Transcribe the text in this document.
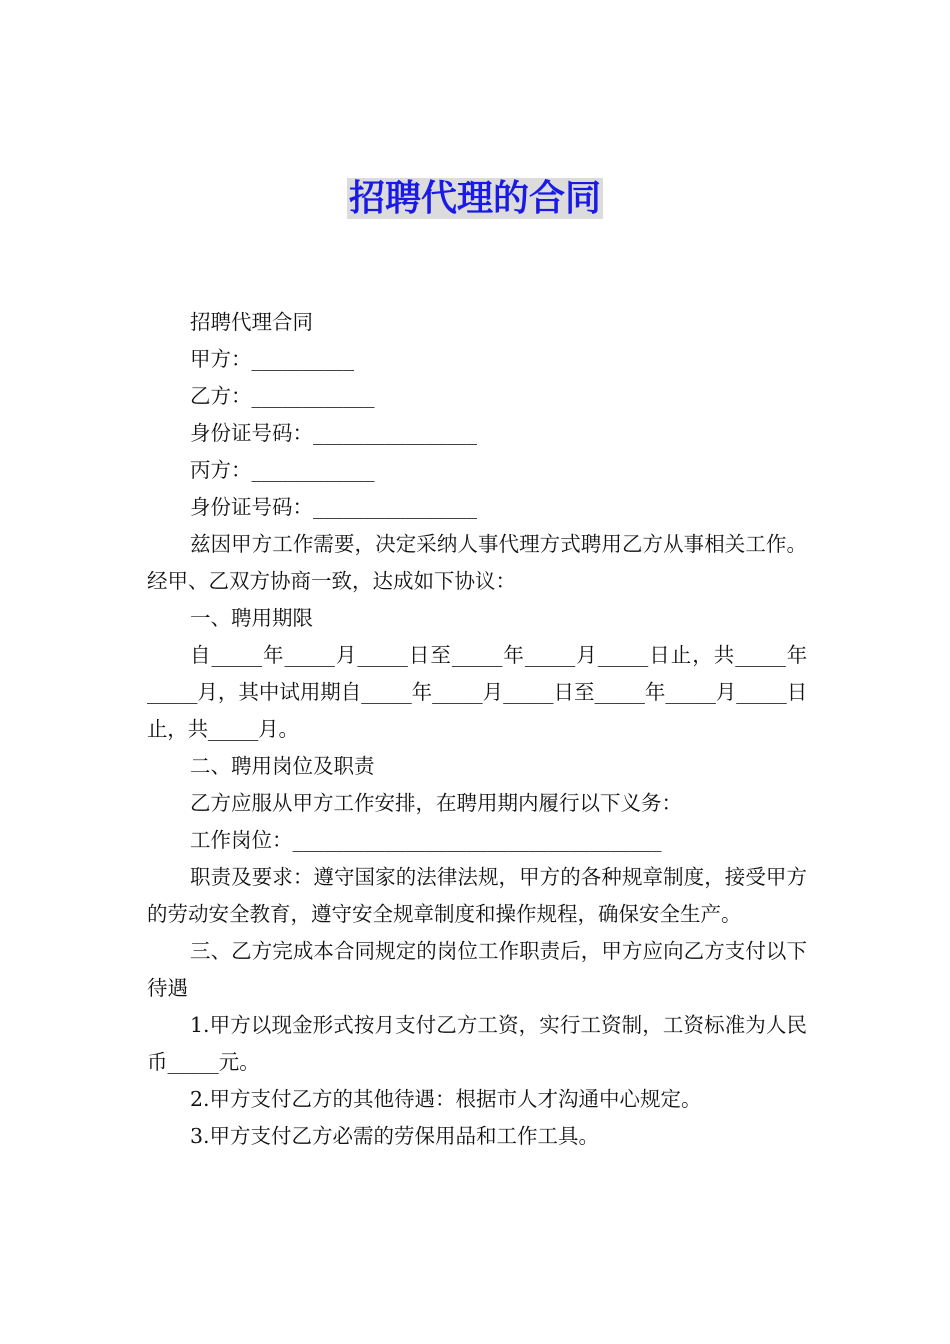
招聘代理的合同

招聘代理合同

甲方：__________

乙方：____________

身份证号码：________________

丙方：____________

身份证号码：________________

兹因甲方工作需要，决定采纳人事代理方式聘用乙方从事相关工作。经甲、乙双方协商一致，达成如下协议：

一、聘用期限

自_____年_____月_____日至_____年_____月_____日止，共_____年_____月，其中试用期自_____年_____月_____日至_____年_____月_____日止，共_____月。

二、聘用岗位及职责

乙方应服从甲方工作安排，在聘用期内履行以下义务：

工作岗位：____________________________________

职责及要求：遵守国家的法律法规，甲方的各种规章制度，接受甲方的劳动安全教育，遵守安全规章制度和操作规程，确保安全生产。

三、乙方完成本合同规定的岗位工作职责后，甲方应向乙方支付以下待遇

1.甲方以现金形式按月支付乙方工资，实行工资制，工资标准为人民币_____元。

2.甲方支付乙方的其他待遇：根据市人才沟通中心规定。

3.甲方支付乙方必需的劳保用品和工作工具。
